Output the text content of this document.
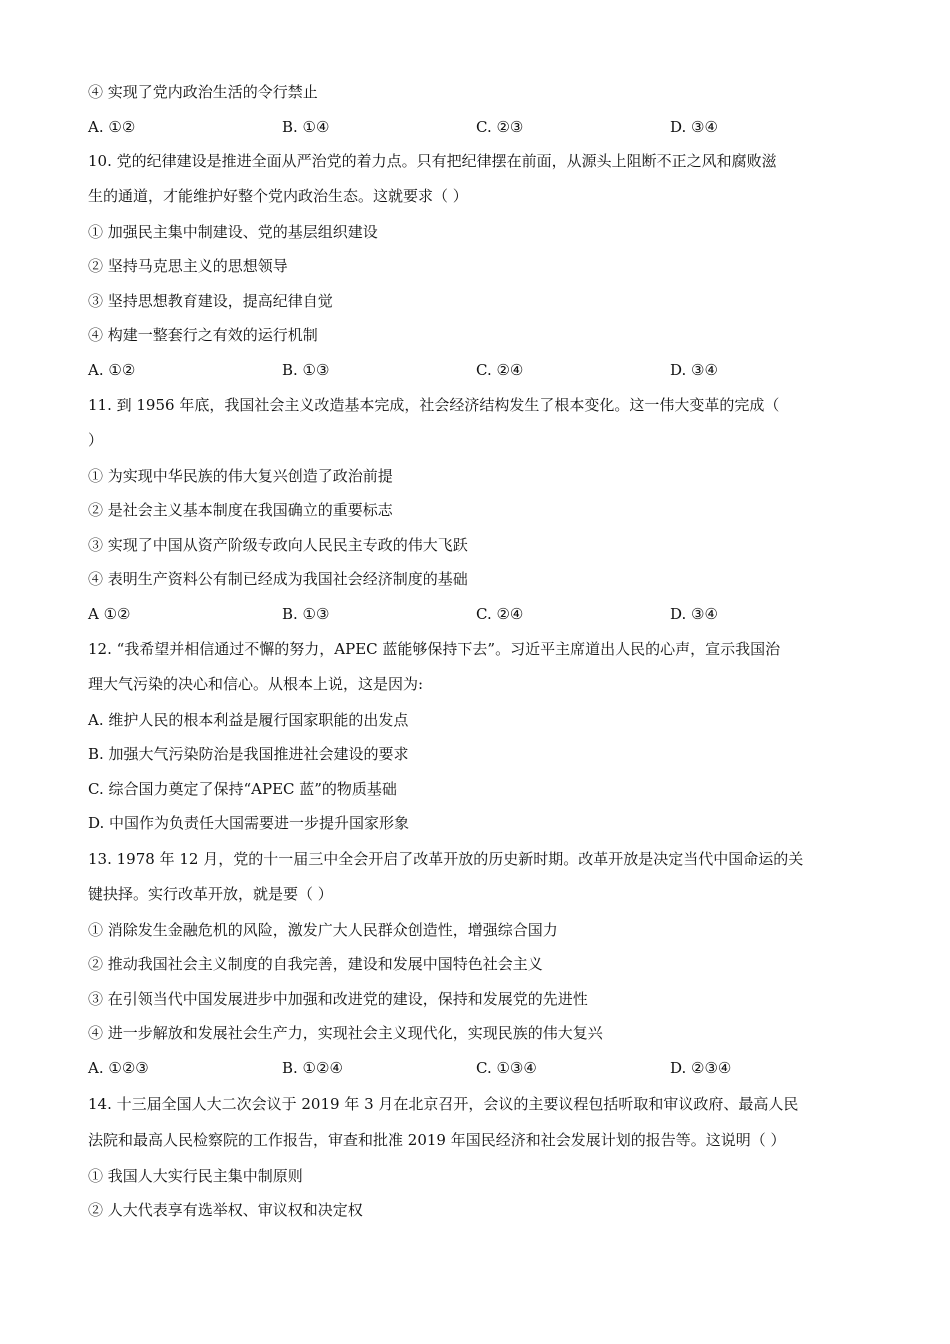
④ 实现了党内政治生活的令行禁止
A. ①②	B. ①④	C. ②③	D. ③④
10. 党的纪律建设是推进全面从严治党的着力点。只有把纪律摆在前面，从源头上阻断不正之风和腐败滋
生的通道，才能维护好整个党内政治生态。这就要求（ ）
① 加强民主集中制建设、党的基层组织建设
② 坚持马克思主义的思想领导
③ 坚持思想教育建设，提高纪律自觉
④ 构建一整套行之有效的运行机制
A. ①②	B. ①③	C. ②④	D. ③④
11. 到 1956 年底，我国社会主义改造基本完成，社会经济结构发生了根本变化。这一伟大变革的完成（
）
① 为实现中华民族的伟大复兴创造了政治前提
② 是社会主义基本制度在我国确立的重要标志
③ 实现了中国从资产阶级专政向人民民主专政的伟大飞跃
④ 表明生产资料公有制已经成为我国社会经济制度的基础
A ①②	B. ①③	C. ②④	D. ③④
12. “我希望并相信通过不懈的努力，APEC 蓝能够保持下去”。习近平主席道出人民的心声，宣示我国治
理大气污染的决心和信心。从根本上说，这是因为:
A. 维护人民的根本利益是履行国家职能的出发点
B. 加强大气污染防治是我国推进社会建设的要求
C. 综合国力奠定了保持“APEC 蓝”的物质基础
D. 中国作为负责任大国需要进一步提升国家形象
13. 1978 年 12 月，党的十一届三中全会开启了改革开放的历史新时期。改革开放是决定当代中国命运的关
键抉择。实行改革开放，就是要（ ）
① 消除发生金融危机的风险，激发广大人民群众创造性，增强综合国力
② 推动我国社会主义制度的自我完善，建设和发展中国特色社会主义
③ 在引领当代中国发展进步中加强和改进党的建设，保持和发展党的先进性
④ 进一步解放和发展社会生产力，实现社会主义现代化，实现民族的伟大复兴
A. ①②③	B. ①②④	C. ①③④	D. ②③④
14. 十三届全国人大二次会议于 2019 年 3 月在北京召开，会议的主要议程包括听取和审议政府、最高人民
法院和最高人民检察院的工作报告，审查和批准 2019 年国民经济和社会发展计划的报告等。这说明（ ）
① 我国人大实行民主集中制原则
② 人大代表享有选举权、审议权和决定权
